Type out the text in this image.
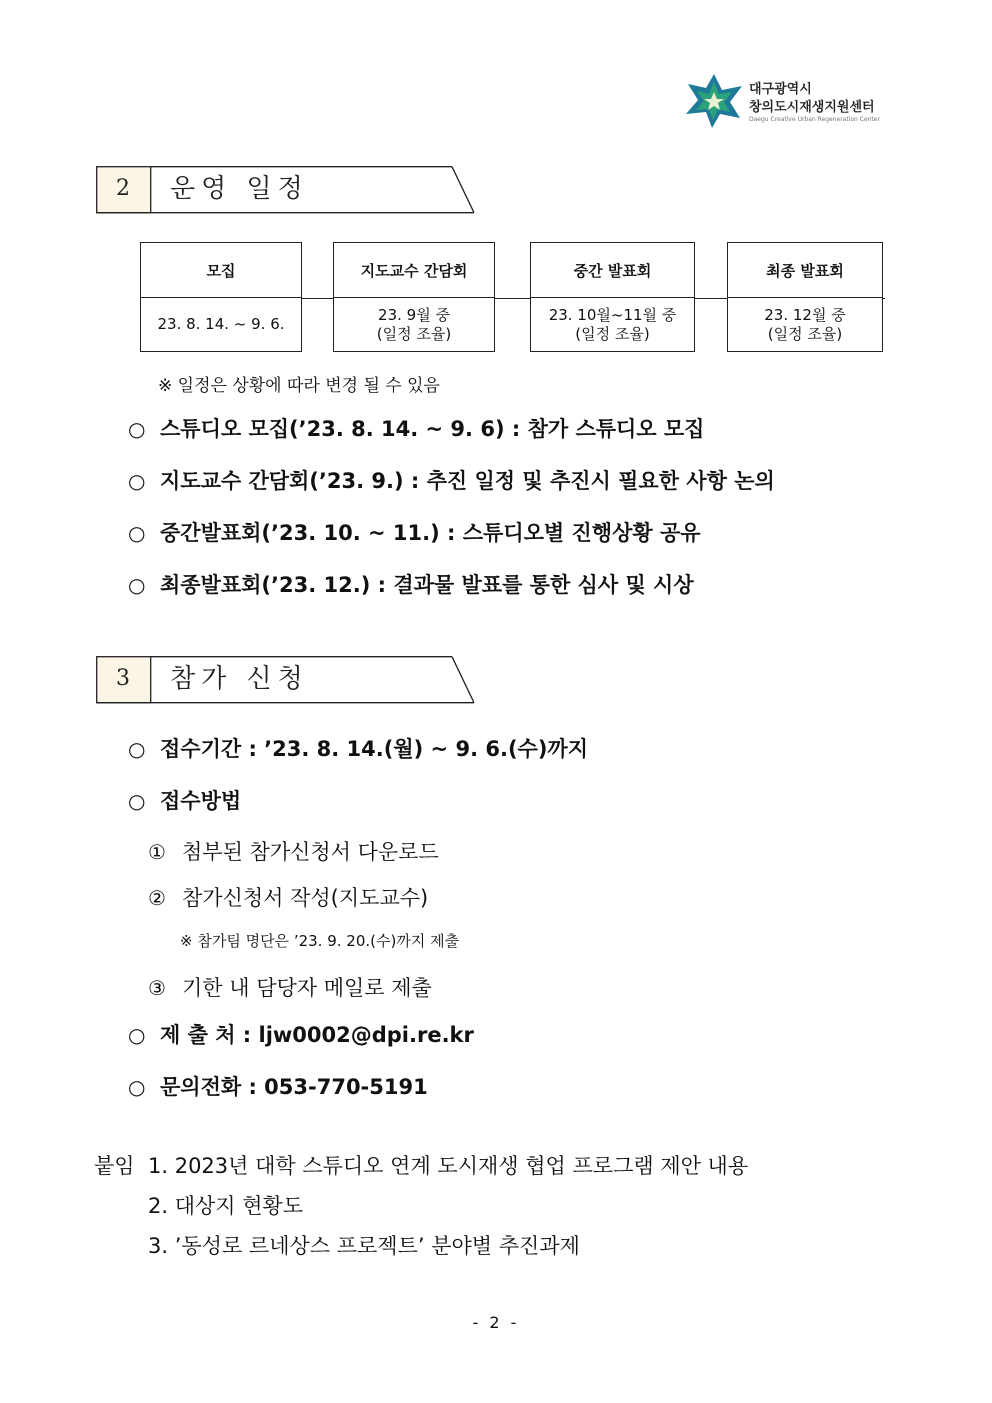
대구광역시
창의도시재생지원센터
Daegu Creative Urban Regeneration Center
2	운영 일정
모집
23. 8. 14. ~ 9. 6.
지도교수 간담회
23. 9월 중
(일정 조율)
중간 발표회
23. 10월~11월 중
(일정 조율)
최종 발표회
23. 12월 중
(일정 조율)
※ 일정은 상황에 따라 변경 될 수 있음
○ 스튜디오 모집(’23. 8. 14. ~ 9. 6) : 참가 스튜디오 모집
○ 지도교수 간담회(’23. 9.) : 추진 일정 및 추진시 필요한 사항 논의
○ 중간발표회(’23. 10. ~ 11.) : 스튜디오별 진행상황 공유
○ 최종발표회(’23. 12.) : 결과물 발표를 통한 심사 및 시상
3	참가 신청
○ 접수기간 : ’23. 8. 14.(월) ~ 9. 6.(수)까지
○ 접수방법
① 첨부된 참가신청서 다운로드
② 참가신청서 작성(지도교수)
※ 참가팀 명단은 ’23. 9. 20.(수)까지 제출
③ 기한 내 담당자 메일로 제출
○ 제 출 처 : ljw0002@dpi.re.kr
○ 문의전화 : 053-770-5191
붙임 1. 2023년 대학 스튜디오 연계 도시재생 협업 프로그램 제안 내용
2. 대상지 현황도
3. ’동성로 르네상스 프로젝트’ 분야별 추진과제
- 2 -
